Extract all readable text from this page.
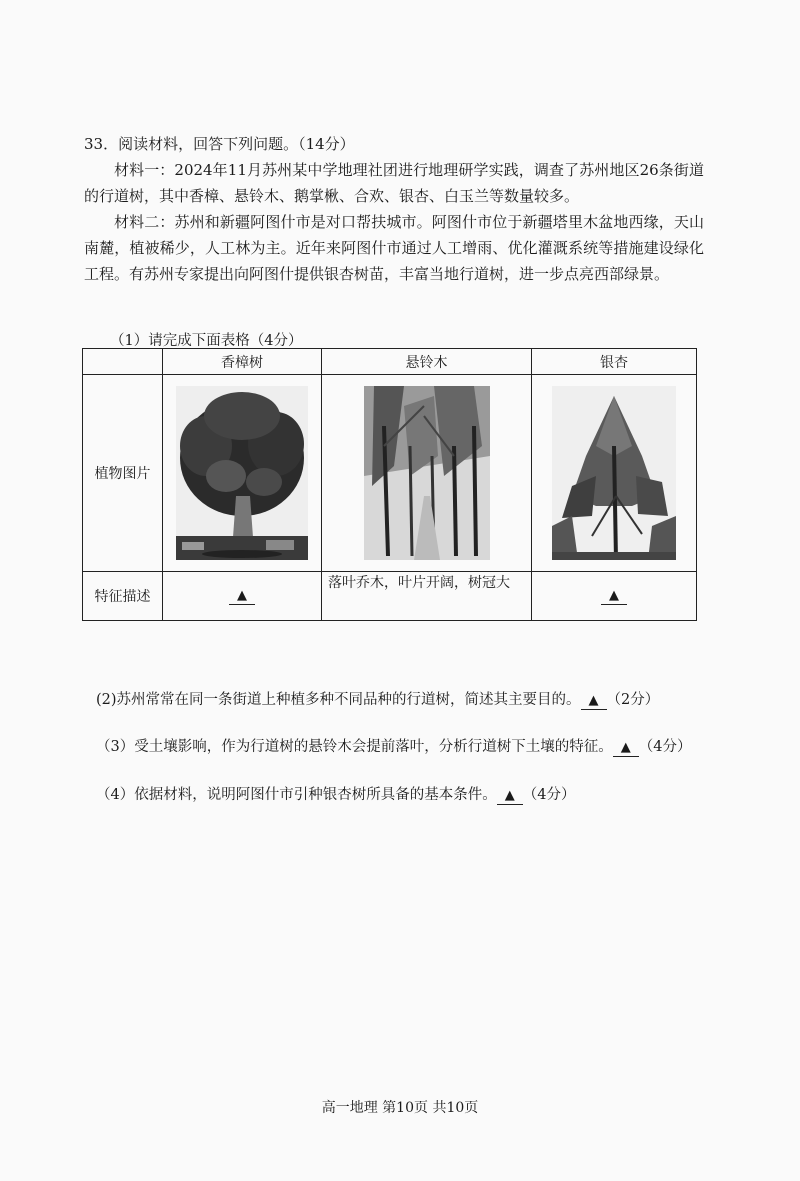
33．阅读材料，回答下列问题。（14分）
材料一：2024年11月苏州某中学地理社团进行地理研学实践，调查了苏州地区26条街道的行道树，其中香樟、悬铃木、鹅掌楸、合欢、银杏、白玉兰等数量较多。
材料二：苏州和新疆阿图什市是对口帮扶城市。阿图什市位于新疆塔里木盆地西缘，天山南麓，植被稀少，人工林为主。近年来阿图什市通过人工增雨、优化灌溉系统等措施建设绿化工程。有苏州专家提出向阿图什提供银杏树苗，丰富当地行道树，进一步点亮西部绿景。
（1）请完成下面表格（4分）
	香樟树	悬铃木	银杏
植物图片	

特征描述	▲	落叶乔木，叶片开阔，树冠大	▲
(2)苏州常常在同一条街道上种植多种不同品种的行道树，简述其主要目的。 ▲ （2分）
（3）受土壤影响，作为行道树的悬铃木会提前落叶，分析行道树下土壤的特征。 ▲ （4分）
（4）依据材料，说明阿图什市引种银杏树所具备的基本条件。 ▲ （4分）
高一地理 第10页 共10页
